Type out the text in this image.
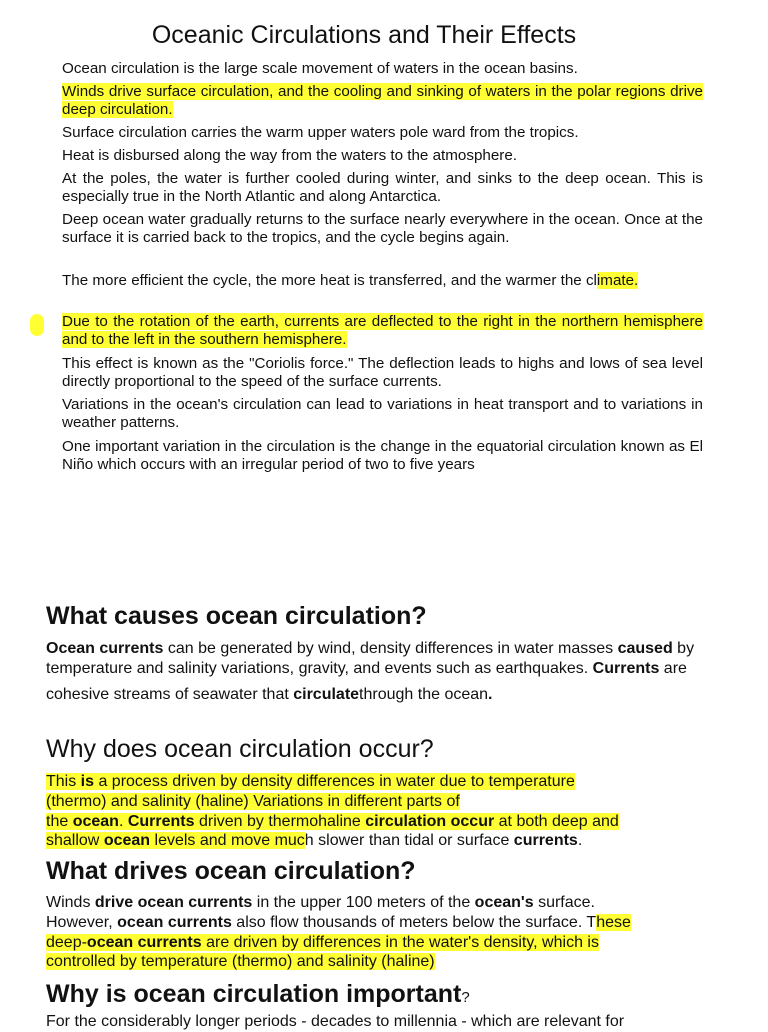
Oceanic Circulations and Their Effects

Ocean circulation is the large scale movement of waters in the ocean basins.

Winds drive surface circulation, and the cooling and sinking of waters in the polar regions drive deep circulation.

Surface circulation carries the warm upper waters pole ward from the tropics.

Heat is disbursed along the way from the waters to the atmosphere.

At the poles, the water is further cooled during winter, and sinks to the deep ocean. This is especially true in the North Atlantic and along Antarctica.

Deep ocean water gradually returns to the surface nearly everywhere in the ocean. Once at the surface it is carried back to the tropics, and the cycle begins again.

The more efficient the cycle, the more heat is transferred, and the warmer the climate.

Due to the rotation of the earth, currents are deflected to the right in the northern hemisphere and to the left in the southern hemisphere.

This effect is known as the "Coriolis force." The deflection leads to highs and lows of sea level directly proportional to the speed of the surface currents.

Variations in the ocean's circulation can lead to variations in heat transport and to variations in weather patterns.

One important variation in the circulation is the change in the equatorial circulation known as El Niño which occurs with an irregular period of two to five years

What causes ocean circulation?

Ocean currents can be generated by wind, density differences in water masses caused by temperature and salinity variations, gravity, and events such as earthquakes. Currents are cohesive streams of seawater that circulatethrough the ocean.

Why does ocean circulation occur?
This is a process driven by density differences in water due to temperature
(thermo) and salinity (haline) Variations in different parts of
the ocean. Currents driven by thermohaline circulation occur at both deep and
shallow ocean levels and move much slower than tidal or surface currents.
What drives ocean circulation?
Winds drive ocean currents in the upper 100 meters of the ocean's surface.
However, ocean currents also flow thousands of meters below the surface. These
deep-ocean currents are driven by differences in the water's density, which is
controlled by temperature (thermo) and salinity (haline)
Why is ocean circulation important?
For the considerably longer periods - decades to millennia - which are relevant for
